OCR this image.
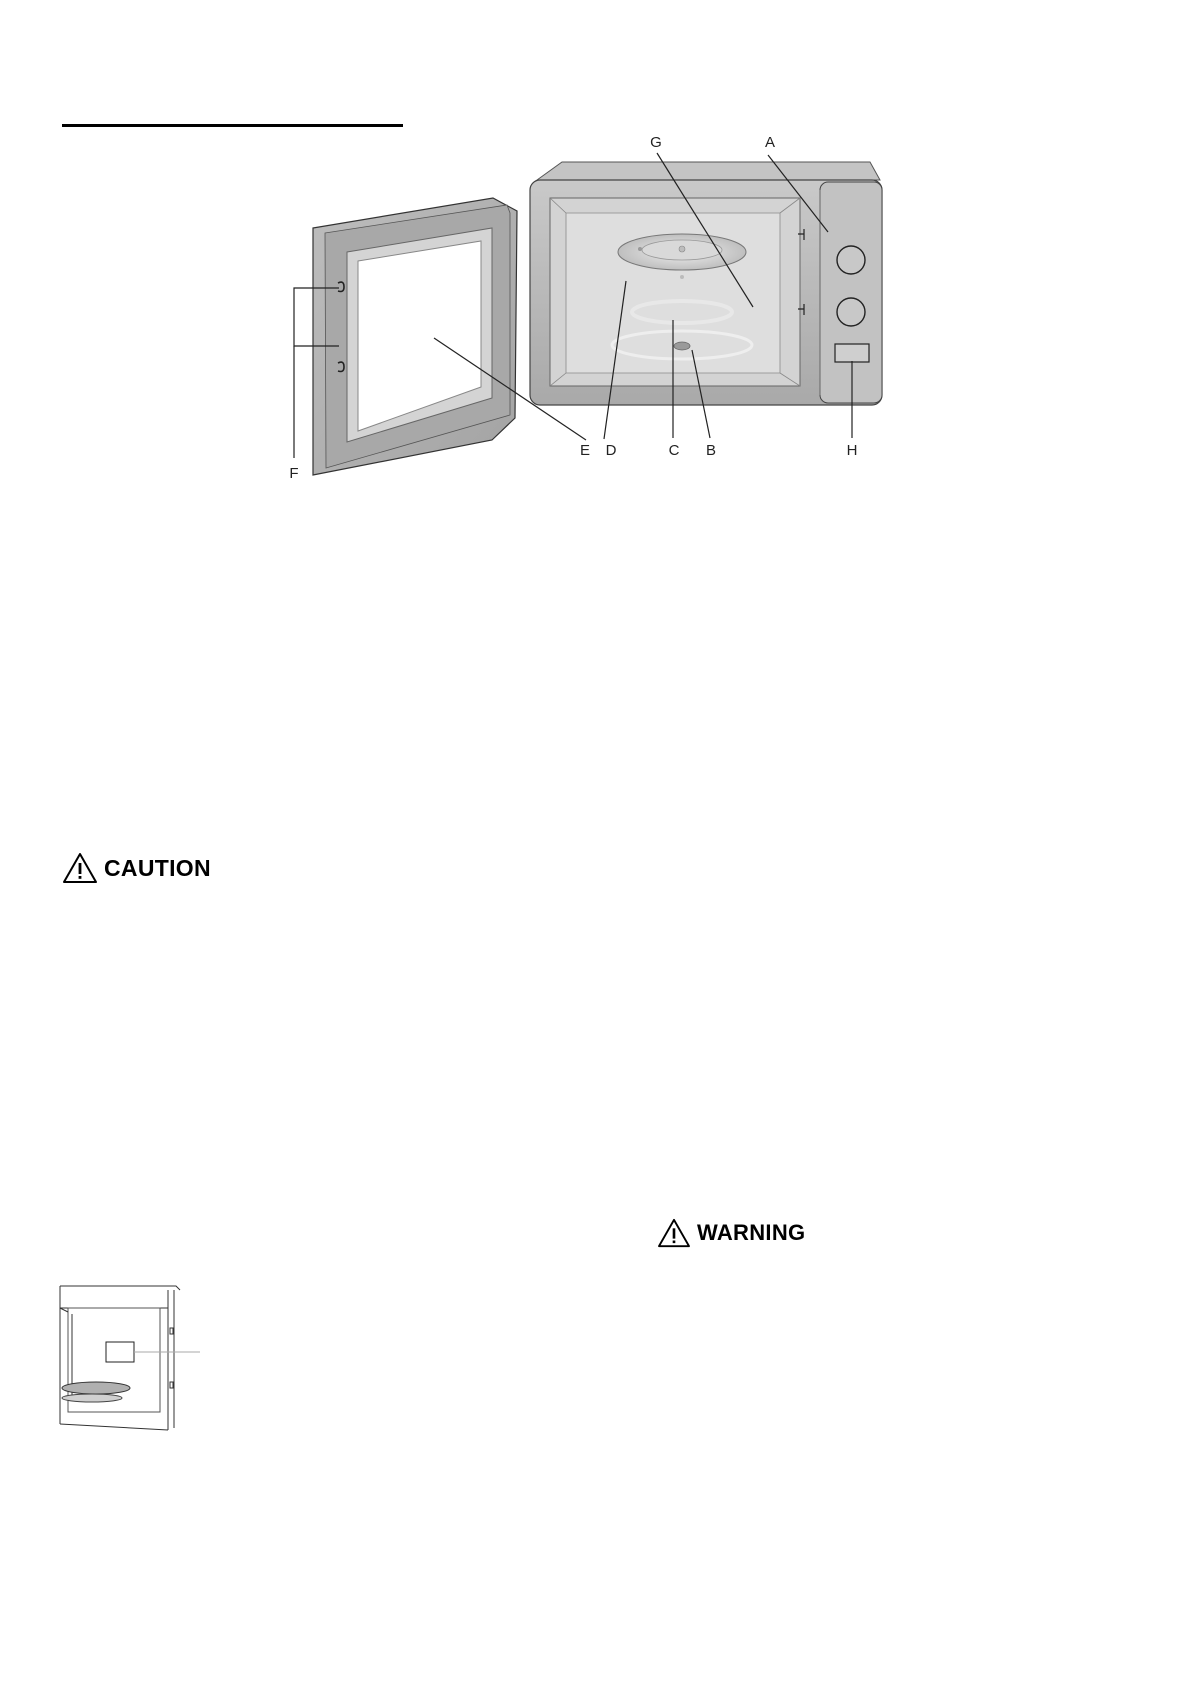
G	A
E D	C B	H
F
CAUTION
WARNING
